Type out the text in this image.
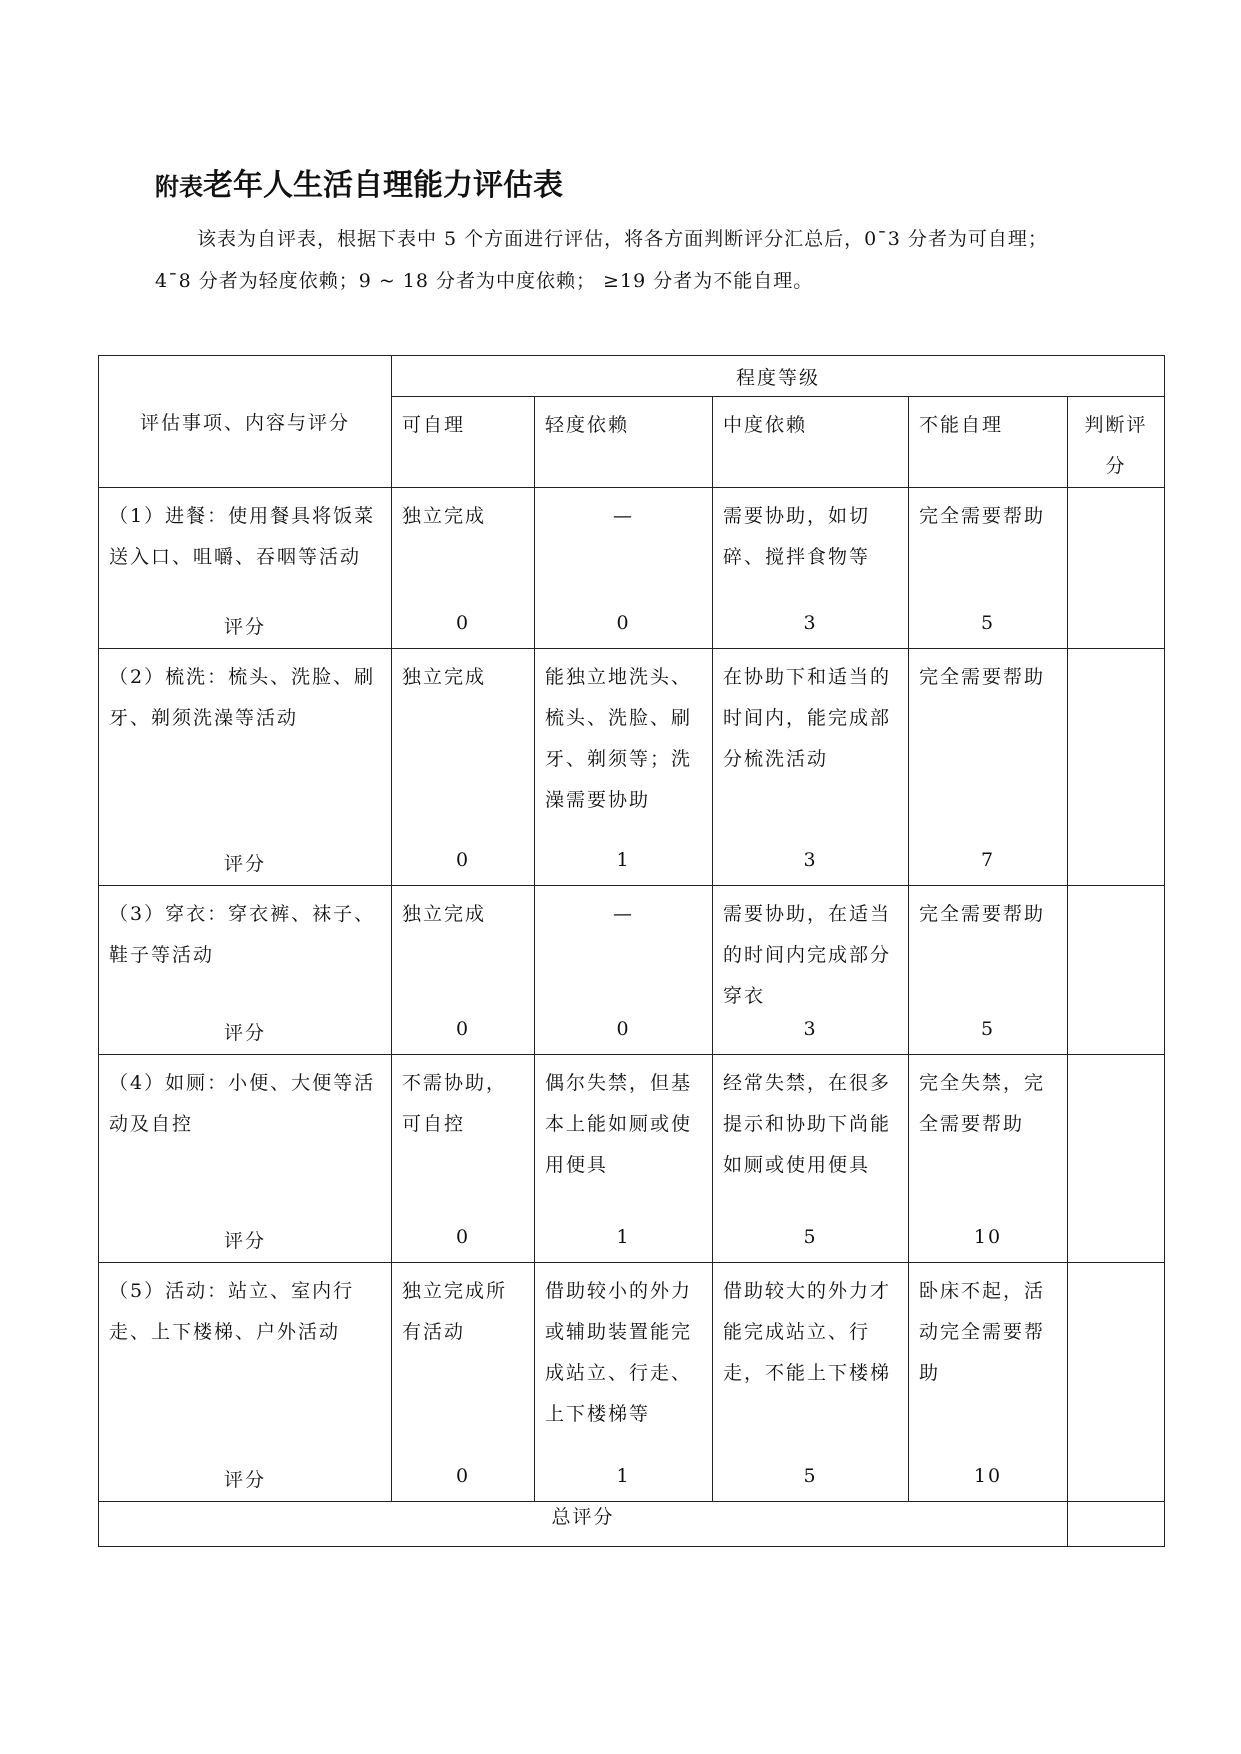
附表老年人生活自理能力评估表
该表为自评表，根据下表中 5 个方面进行评估，将各方面判断评分汇总后，0¯3 分者为可自理；
4¯8 分者为轻度依赖；9 ~ 18 分者为中度依赖； ≥19 分者为不能自理。
评估事项、内容与评分	程度等级				

	可自理	轻度依赖	中度依赖	不能自理	判断评分

（1）进餐：使用餐具将饭菜送入口、咀嚼、吞咽等活动	独立完成	—	需要协助，如切碎、搅拌食物等	完全需要帮助	

评分	0	0	3	5	

（2）梳洗：梳头、洗脸、刷牙、剃须洗澡等活动	独立完成	能独立地洗头、梳头、洗脸、刷牙、剃须等；洗澡需要协助	在协助下和适当的时间内，能完成部分梳洗活动	完全需要帮助	

评分	0	1	3	7	

（3）穿衣：穿衣裤、袜子、鞋子等活动	独立完成	—	需要协助，在适当的时间内完成部分穿衣	完全需要帮助	

评分	0	0	3	5	

（4）如厕：小便、大便等活动及自控	不需协助，可自控	偶尔失禁，但基本上能如厕或使用便具	经常失禁，在很多提示和协助下尚能如厕或使用便具	完全失禁，完全需要帮助	

评分	0	1	5	10	

（5）活动：站立、室内行走、上下楼梯、户外活动	独立完成所有活动	借助较小的外力或辅助装置能完成站立、行走、上下楼梯等	借助较大的外力才能完成站立、行走，不能上下楼梯	卧床不起，活动完全需要帮助	

评分	0	1	5	10	
总评分					
